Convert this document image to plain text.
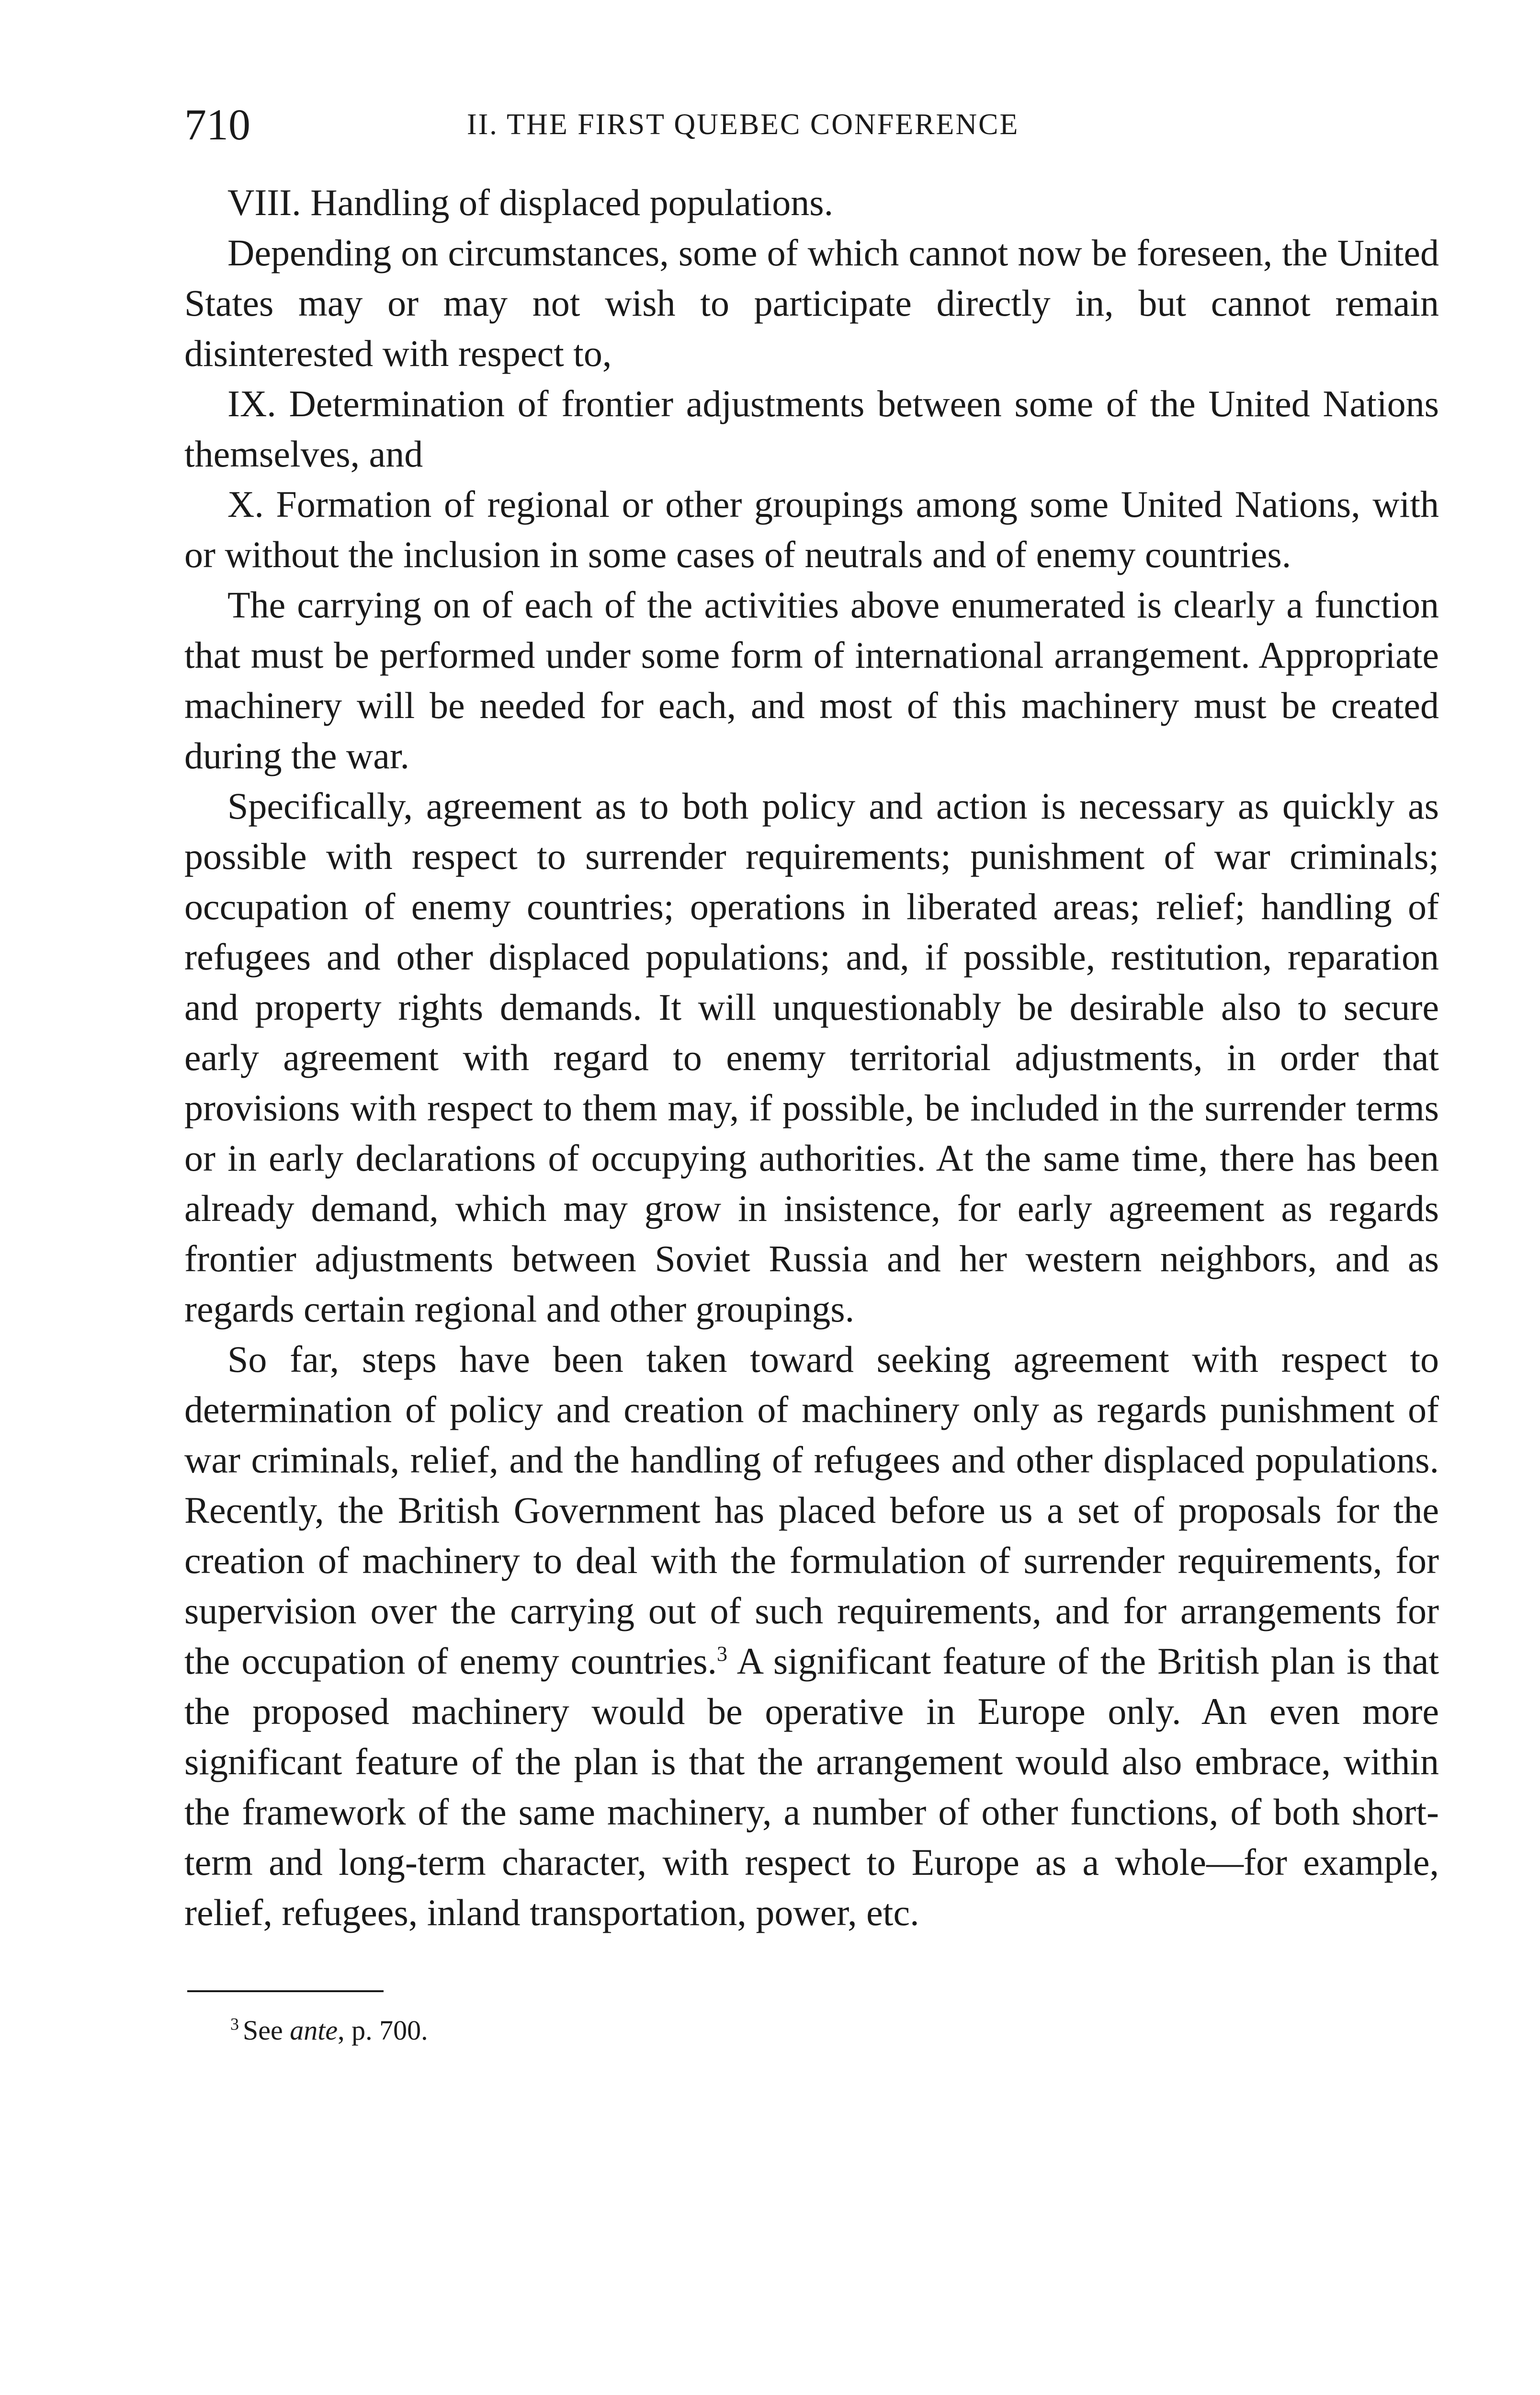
710	II. THE FIRST QUEBEC CONFERENCE

VIII. Handling of displaced populations.

Depending on circumstances, some of which cannot now be foreseen, the United States may or may not wish to participate directly in, but cannot remain disinterested with respect to,

IX. Determination of frontier adjustments between some of the United Nations themselves, and

X. Formation of regional or other groupings among some United Nations, with or without the inclusion in some cases of neutrals and of enemy countries.

The carrying on of each of the activities above enumerated is clearly a function that must be performed under some form of international arrangement. Appropriate machinery will be needed for each, and most of this machinery must be created during the war.

Specifically, agreement as to both policy and action is necessary as quickly as possible with respect to surrender requirements; punishment of war criminals; occupation of enemy countries; operations in liberated areas; relief; handling of refugees and other displaced populations; and, if possible, restitution, reparation and property rights demands. It will unquestionably be desirable also to secure early agreement with regard to enemy territorial adjustments, in order that provisions with respect to them may, if possible, be included in the surrender terms or in early declarations of occupying authorities. At the same time, there has been already demand, which may grow in insistence, for early agreement as regards frontier adjustments between Soviet Russia and her western neighbors, and as regards certain regional and other groupings.

So far, steps have been taken toward seeking agreement with respect to determination of policy and creation of machinery only as regards punishment of war criminals, relief, and the handling of refugees and other displaced populations. Recently, the British Government has placed before us a set of proposals for the creation of machinery to deal with the formulation of surrender requirements, for supervision over the carrying out of such requirements, and for arrangements for the occupation of enemy countries.$^3$ A significant feature of the British plan is that the proposed machinery would be operative in Europe only. An even more significant feature of the plan is that the arrangement would also embrace, within the framework of the same machinery, a number of other functions, of both short-term and long-term character, with respect to Europe as a whole—for example, relief, refugees, inland transportation, power, etc.

$^3$ See ante, p. 700.
